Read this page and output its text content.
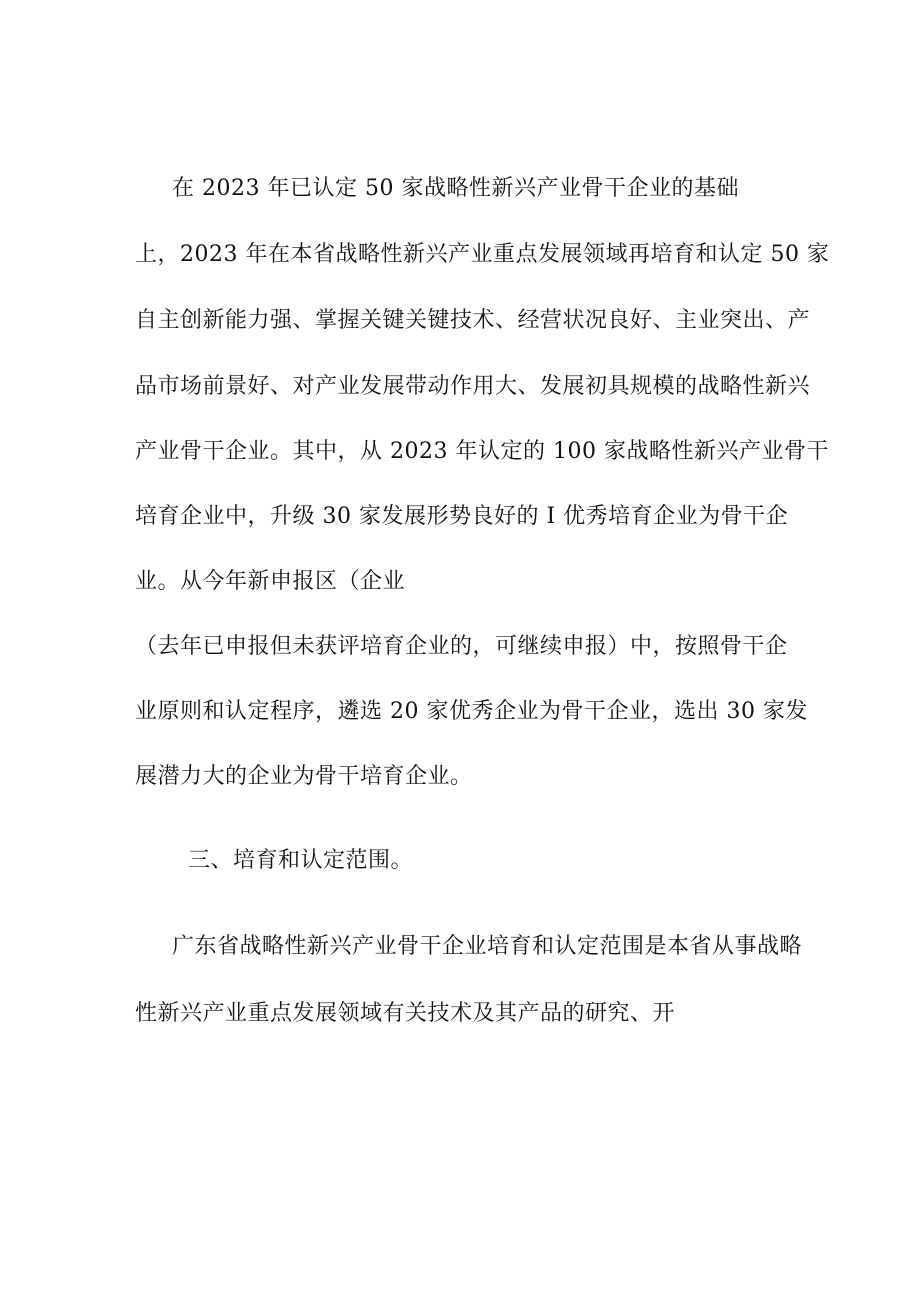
在 2023 年已认定 50 家战略性新兴产业骨干企业的基础
上，2023 年在本省战略性新兴产业重点发展领域再培育和认定 50 家
自主创新能力强、掌握关键关键技术、经营状况良好、主业突出、产
品市场前景好、对产业发展带动作用大、发展初具规模的战略性新兴
产业骨干企业。其中，从 2023 年认定的 100 家战略性新兴产业骨干
培育企业中，升级 30 家发展形势良好的 I 优秀培育企业为骨干企
业。从今年新申报区（企业
（去年已申报但未获评培育企业的，可继续申报）中，按照骨干企
业原则和认定程序，遴选 20 家优秀企业为骨干企业，选出 30 家发
展潜力大的企业为骨干培育企业。
三、培育和认定范围。
广东省战略性新兴产业骨干企业培育和认定范围是本省从事战略
性新兴产业重点发展领域有关技术及其产品的研究、开
